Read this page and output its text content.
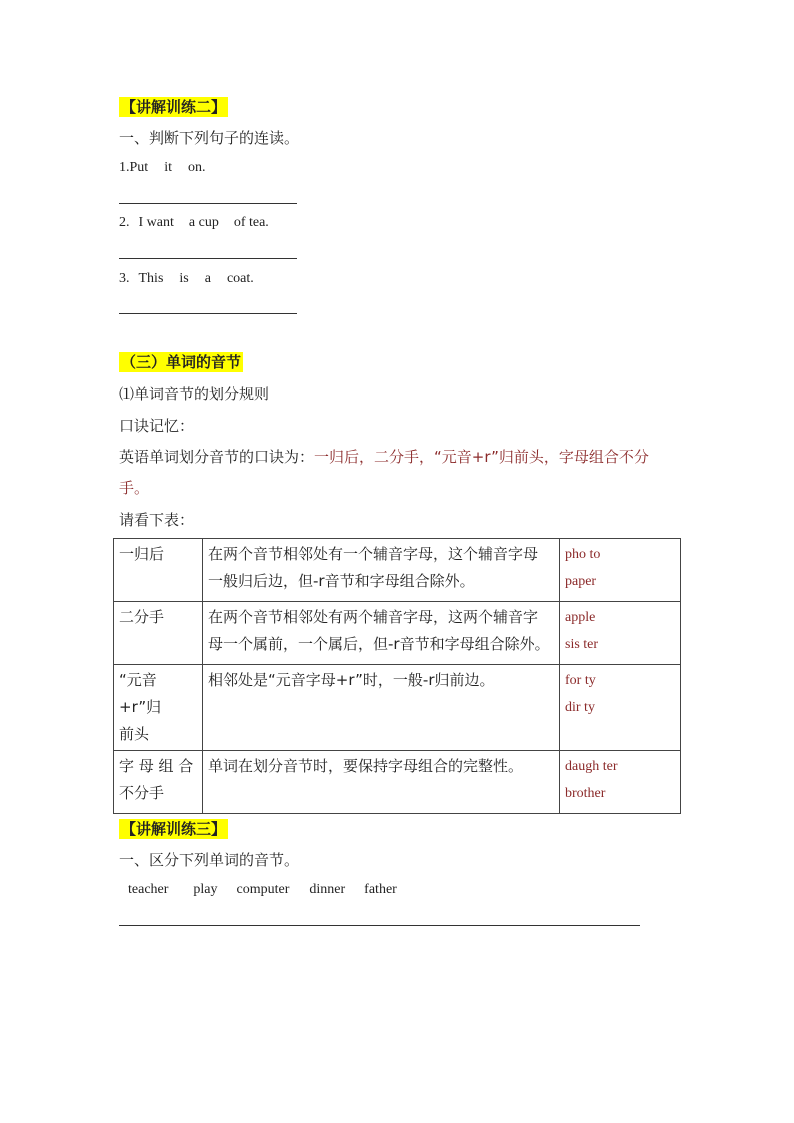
【讲解训练二】
一、判断下列句子的连读。
1.Put it on.
2. I want a cup of tea.
3. This is a coat.
（三）单词的音节
⑴单词音节的划分规则
口诀记忆：
英语单词划分音节的口诀为：一归后，二分手，“元音+r”归前头，字母组合不分
手。
请看下表：
一归后	在两个音节相邻处有一个辅音字母，这个辅音字母
一般归后边，但-r音节和字母组合除外。	pho to
paper

二分手	在两个音节相邻处有两个辅音字母，这两个辅音字
母一个属前，一个属后，但-r音节和字母组合除外。	apple
sis ter

“元音+r”归
前头	相邻处是“元音字母+r”时，一般-r归前边。	for ty
dir ty

字 母 组 合
不分手	单词在划分音节时，要保持字母组合的完整性。	daugh ter
brother
【讲解训练三】
一、区分下列单词的音节。
teacher play computer dinner father
